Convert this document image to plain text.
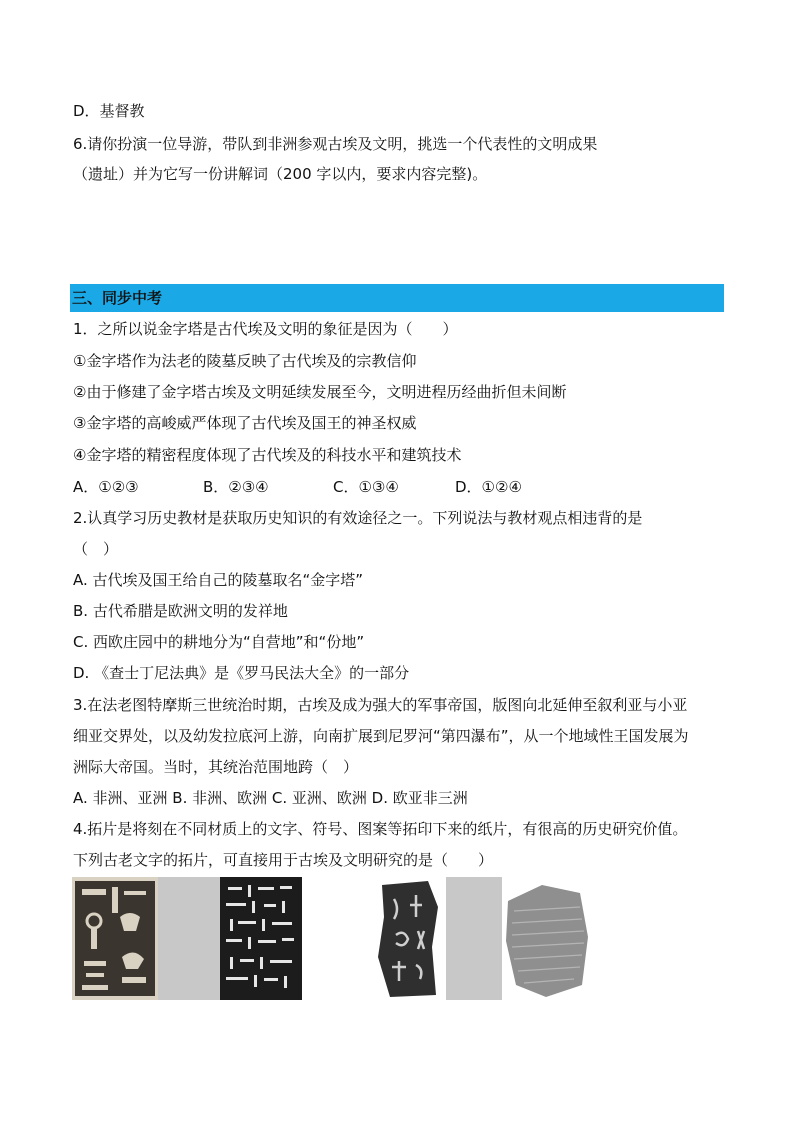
D．基督教
6.请你扮演一位导游，带队到非洲参观古埃及文明，挑选一个代表性的文明成果
（遗址）并为它写一份讲解词（200 字以内，要求内容完整)。
三、同步中考
1．之所以说金字塔是古代埃及文明的象征是因为（　　）
①金字塔作为法老的陵墓反映了古代埃及的宗教信仰
②由于修建了金字塔古埃及文明延续发展至今，文明进程历经曲折但未间断
③金字塔的高峻威严体现了古代埃及国王的神圣权威
④金字塔的精密程度体现了古代埃及的科技水平和建筑技术
A．①②③	B．②③④	C．①③④	D．①②④
2.认真学习历史教材是获取历史知识的有效途径之一。下列说法与教材观点相违背的是
（　）
A. 古代埃及国王给自己的陵墓取名“金字塔”
B. 古代希腊是欧洲文明的发祥地
C. 西欧庄园中的耕地分为“自营地”和“份地”
D. 《查士丁尼法典》是《罗马民法大全》的一部分
3.在法老图特摩斯三世统治时期，古埃及成为强大的军事帝国，版图向北延伸至叙利亚与小亚
细亚交界处，以及幼发拉底河上游，向南扩展到尼罗河“第四瀑布”，从一个地域性王国发展为
洲际大帝国。当时，其统治范围地跨（　）
A. 非洲、亚洲 B. 非洲、欧洲 C. 亚洲、欧洲 D. 欧亚非三洲
4.拓片是将刻在不同材质上的文字、符号、图案等拓印下来的纸片，有很高的历史研究价值。
下列古老文字的拓片，可直接用于古埃及文明研究的是（　　）
